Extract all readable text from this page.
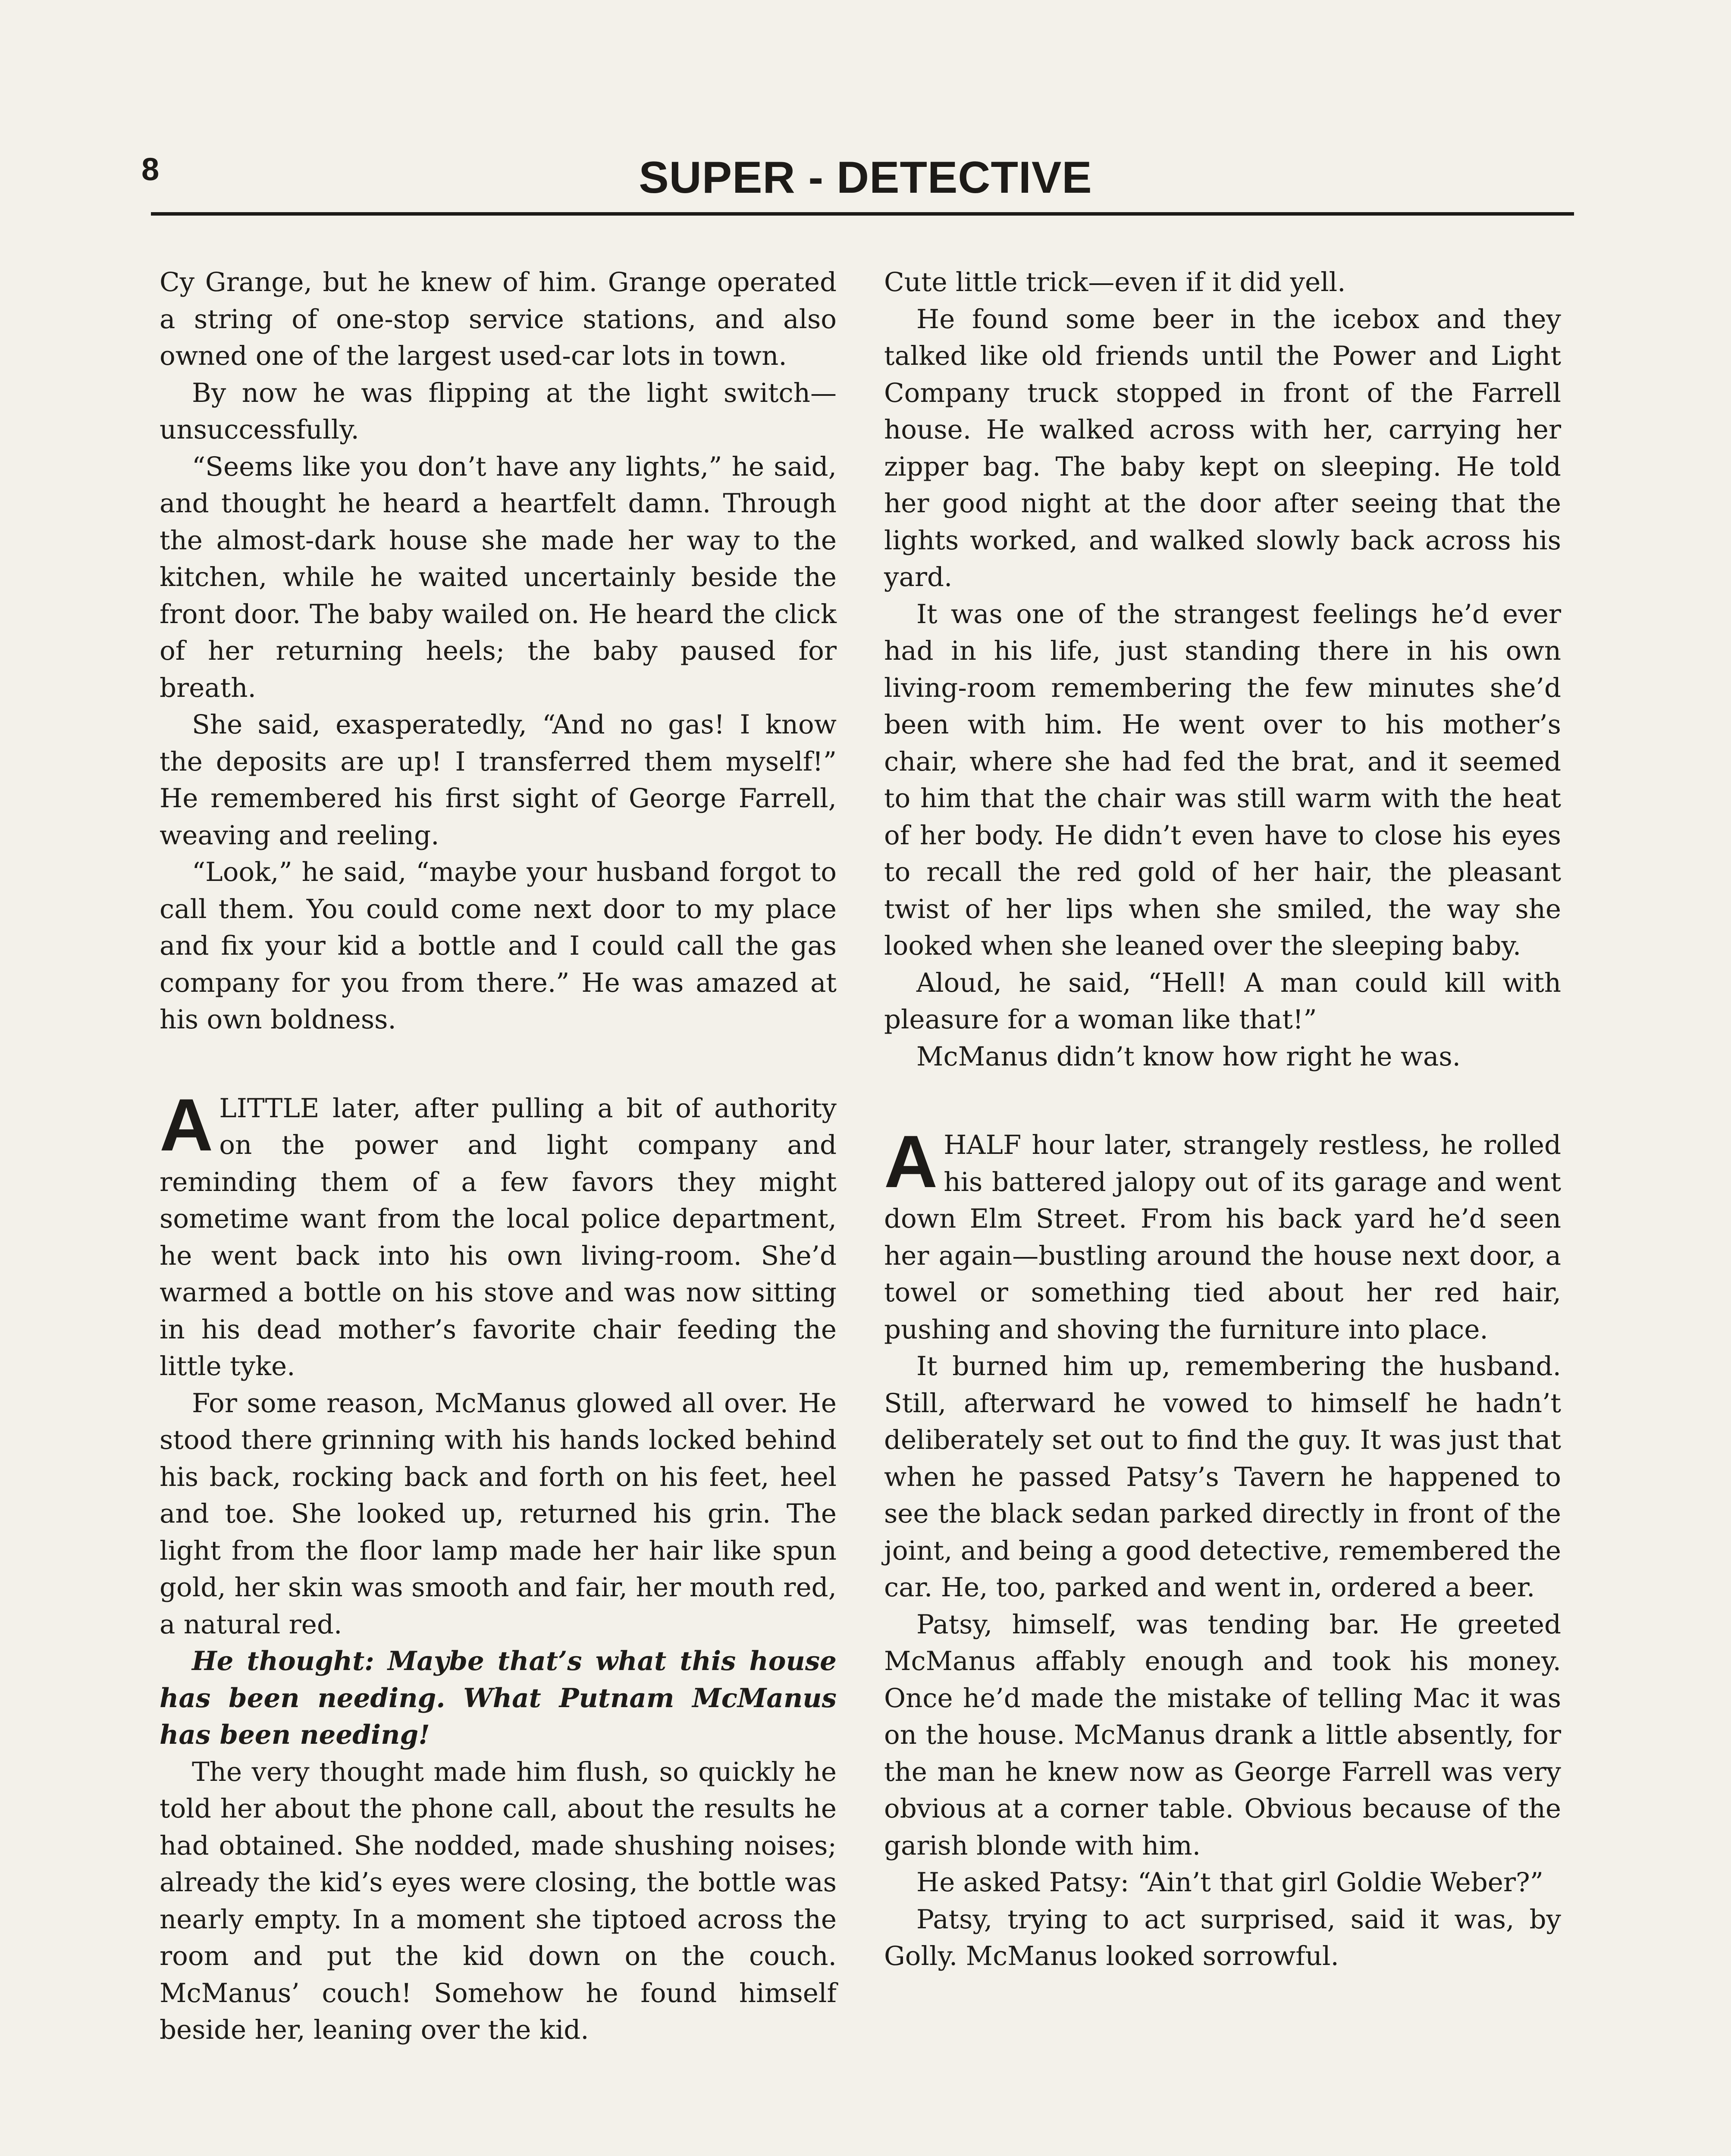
8	SUPER - DETECTIVE

Cy Grange, but he knew of him. Grange operated a string of one-stop service stations, and also owned one of the largest used-car lots in town.

By now he was flipping at the light switch—unsuccessfully.

“Seems like you don’t have any lights,” he said, and thought he heard a heartfelt damn. Through the almost-dark house she made her way to the kitchen, while he waited uncertainly beside the front door. The baby wailed on. He heard the click of her returning heels; the baby paused for breath.

She said, exasperatedly, “And no gas! I know the deposits are up! I transferred them myself!” He remembered his first sight of George Farrell, weaving and reeling.

“Look,” he said, “maybe your husband forgot to call them. You could come next door to my place and fix your kid a bottle and I could call the gas company for you from there.” He was amazed at his own boldness.

ALITTLE later, after pulling a bit of authority on the power and light company and reminding them of a few favors they might sometime want from the local police department, he went back into his own living-room. She’d warmed a bottle on his stove and was now sitting in his dead mother’s favorite chair feeding the little tyke.

For some reason, McManus glowed all over. He stood there grinning with his hands locked behind his back, rocking back and forth on his feet, heel and toe. She looked up, returned his grin. The light from the floor lamp made her hair like spun gold, her skin was smooth and fair, her mouth red, a natural red.

He thought: Maybe that’s what this house has been needing. What Putnam McManus has been needing!

The very thought made him flush, so quickly he told her about the phone call, about the results he had obtained. She nodded, made shushing noises; already the kid’s eyes were closing, the bottle was nearly empty. In a moment she tiptoed across the room and put the kid down on the couch. McManus’ couch! Somehow he found himself beside her, leaning over the kid.

Cute little trick—even if it did yell.

He found some beer in the icebox and they talked like old friends until the Power and Light Company truck stopped in front of the Farrell house. He walked across with her, carrying her zipper bag. The baby kept on sleeping. He told her good night at the door after seeing that the lights worked, and walked slowly back across his yard.

It was one of the strangest feelings he’d ever had in his life, just standing there in his own living-room remembering the few minutes she’d been with him. He went over to his mother’s chair, where she had fed the brat, and it seemed to him that the chair was still warm with the heat of her body. He didn’t even have to close his eyes to recall the red gold of her hair, the pleasant twist of her lips when she smiled, the way she looked when she leaned over the sleeping baby.

Aloud, he said, “Hell! A man could kill with pleasure for a woman like that!”

McManus didn’t know how right he was.

AHALF hour later, strangely restless, he rolled his battered jalopy out of its garage and went down Elm Street. From his back yard he’d seen her again—bustling around the house next door, a towel or something tied about her red hair, pushing and shoving the furniture into place.

It burned him up, remembering the husband. Still, afterward he vowed to himself he hadn’t deliberately set out to find the guy. It was just that when he passed Patsy’s Tavern he happened to see the black sedan parked directly in front of the joint, and being a good detective, remembered the car. He, too, parked and went in, ordered a beer.

Patsy, himself, was tending bar. He greeted McManus affably enough and took his money. Once he’d made the mistake of telling Mac it was on the house. McManus drank a little absently, for the man he knew now as George Farrell was very obvious at a corner table. Obvious because of the garish blonde with him.

He asked Patsy: “Ain’t that girl Goldie Weber?”

Patsy, trying to act surprised, said it was, by Golly. McManus looked sorrowful.
